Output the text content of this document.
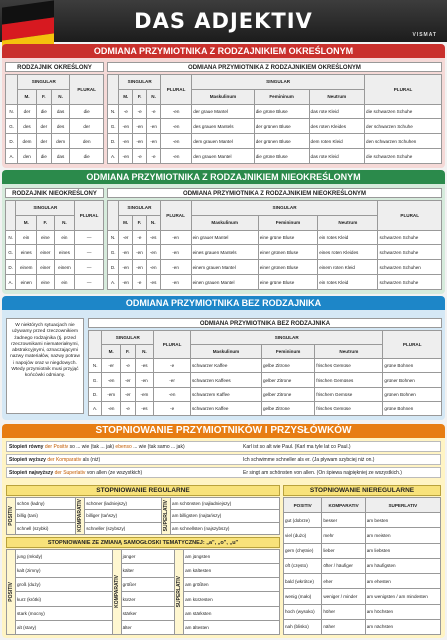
DAS ADJEKTIV
VISMAT
ODMIANA PRZYMIOTNIKA Z RODZAJNIKIEM OKREŚLONYM
RODZAJNIK OKREŚLONY	ODMIANA PRZYMIOTNIKA Z RODZAJNIKIEM OKREŚLONYM
	SINGULAR			PLURAL
	M.	F.	N.	
N.	der	die	das	die
G.	des	der	des	der
D.	dem	der	dem	den
A.	den	die	das	die
	SINGULAR			PLURAL	SINGULAR			PLURAL
	M.	F.	N.		Maskulinum	Femininum	Neutrum	
N.	-e	-e	-e	-en	der graue Mantel	die grüne Bluse	das rote Kleid	die schwarzen Schuhe
G.	-en	-en	-en	-en	des grauen Mantels	der grünen Bluse	des roten Kleides	der schwarzen Schuhe
D.	-en	-en	-en	-en	dem grauen Mantel	der grünen Bluse	dem roten Kleid	den schwarzen Schuhen
A.	-en	-e	-e	-en	den grauen Mantel	die grüne Bluse	das rote Kleid	die schwarzen Schuhe
ODMIANA PRZYMIOTNIKA Z RODZAJNIKIEM NIEOKREŚLONYM
RODZAJNIK NIEOKREŚLONY	ODMIANA PRZYMIOTNIKA Z RODZAJNIKIEM NIEOKREŚLONYM
	SINGULAR			PLURAL
	M.	F.	N.	
N.	ein	eine	ein	—
G.	eines	einer	eines	—
D.	einem	einer	einem	—
A.	einen	eine	ein	—
	SINGULAR			PLURAL	SINGULAR			PLURAL
	M.	F.	N.		Maskulinum	Femininum	Neutrum	
N.	-er	-e	-es	-en	ein grauer Mantel	eine grüne Bluse	ein rotes Kleid	schwarzen Schuhe
G.	-en	-en	-en	-en	eines grauen Mantels	einer grünen Bluse	eines roten Kleides	schwarzen Schuhe
D.	-en	-en	-en	-en	einem grauen Mantel	einer grünen Bluse	einem roten Kleid	schwarzen Schuhen
A.	-en	-e	-es	-en	einen grauen Mantel	eine grüne Bluse	ein rotes Kleid	schwarzen Schuhe
ODMIANA PRZYMIOTNIKA BEZ RODZAJNIKA
W niektórych sytuacjach nie używamy przed rzeczownikiem żadnego rodzajnika (tj. przed rzeczownikami niemateriałnymi, abstrakcyjnymi, oznaczającymi nazwy materiałów, nazwy potraw i napojów oraz w niegdowych. Wtedy przymiotnik musi przyjąć końcówki odmiany.
ODMIANA PRZYMIOTNIKA BEZ RODZAJNIKA
	SINGULAR			PLURAL	SINGULAR			PLURAL
	M.	F.	N.		Maskulinum	Femininum	Neutrum	
N.	-er	-e	-es	-e	schwarzer Kaffee	gelbe Zitrone	frisches Gemüse	grüne Bohnen
G.	-en	-er	-en	-er	schwarzen Kaffees	gelber Zitrone	frischen Gemüses	grüner Bohnen
D.	-em	-er	-em	-en	schwarzem Kaffee	gelber Zitrone	frischem Gemüse	grünen Bohnen
A.	-en	-e	-es	-e	schwarzen Kaffee	gelbe Zitrone	frisches Gemüse	grüne Bohnen
STOPNIOWANIE PRZYMIOTNIKÓW I PRZYSŁÓWKÓW
Stopień równy der Positiv so ... wie (tak ... jak) ebenso ... wie (tak samo ... jak)	Karl ist so alt wie Paul. (Karl ma tyle lat co Paul.)
Stopień wyższy der Komparativ als (niż)	Ich schwimme schneller als er. (Ja pływam szybciej niż on.)
Stopień najwyższy der Superlativ von allen (ze wszystkich)	Er singt am schönsten von allen. (On śpiewa najpiękniej ze wszystkich.)
STOPNIOWANIE REGULARNE	STOPNIOWANIE NIEREGULARNE
POSITIV	schön (ładny)	KOMPARATIV	schöner (ładniejszy)	SUPERLATIV	am schönsten (najładniejszy)
	billig (tani)		billiger (tańszy)		am billigsten (najtańszy)
	schnell (szybki)		schneller (szybszy)		am schnellsten (najszybszy)
STOPNIOWANIE ZE ZMIANĄ SAMOGŁOSKI TEMATYCZNEJ: „a", „o", „u"
POSITIV	jung (młody)	KOMPARATIV	jünger	SUPERLATIV	am jüngsten
	kalt (zimny)		kälter		am kältesten
	groß (duży)		größer		am größten
	kurz (krótki)		kürzer		am kürzesten
	stark (mocny)		stärker		am stärksten
	alt (stary)		älter		am ältesten
POSITIV	KOMPARATIV	SUPERLATIV
gut (dobrze)	besser	am besten
viel (dużo)	mehr	am meisten
gern (chętnie)	lieber	am liebsten
oft (często)	öfter / häufiger	am häufigsten
bald (wkrótce)	eher	am ehesten
wenig (mało)	weniger / minder	am wenigsten / am mindesten
hoch (wysoko)	höher	am höchsten
nah (blisko)	näher	am nächsten
